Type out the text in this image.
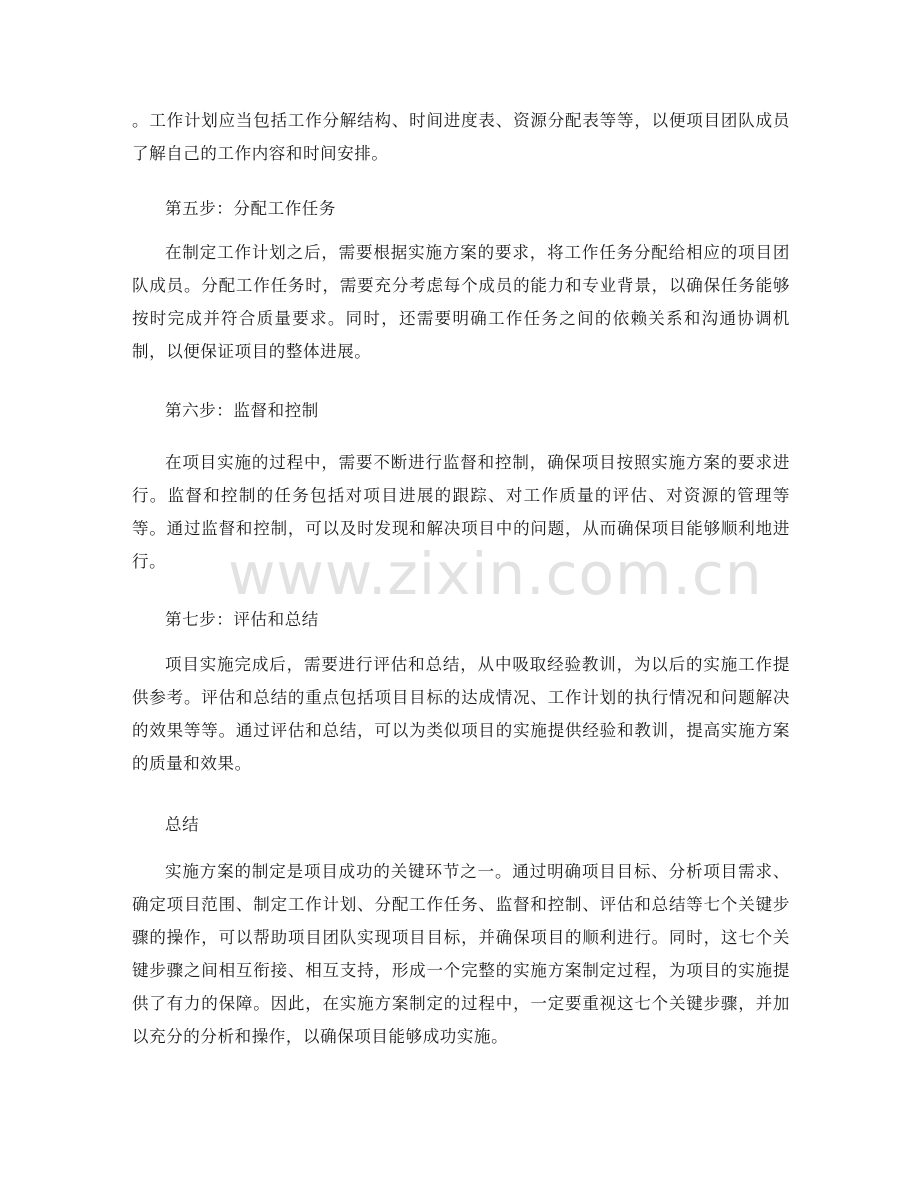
。工作计划应当包括工作分解结构、时间进度表、资源分配表等等，以便项目团队成员了解自己的工作内容和时间安排。

第五步：分配工作任务

在制定工作计划之后，需要根据实施方案的要求，将工作任务分配给相应的项目团队成员。分配工作任务时，需要充分考虑每个成员的能力和专业背景，以确保任务能够按时完成并符合质量要求。同时，还需要明确工作任务之间的依赖关系和沟通协调机制，以便保证项目的整体进展。

第六步：监督和控制

在项目实施的过程中，需要不断进行监督和控制，确保项目按照实施方案的要求进行。监督和控制的任务包括对项目进展的跟踪、对工作质量的评估、对资源的管理等等。通过监督和控制，可以及时发现和解决项目中的问题，从而确保项目能够顺利地进行。

第七步：评估和总结

项目实施完成后，需要进行评估和总结，从中吸取经验教训，为以后的实施工作提供参考。评估和总结的重点包括项目目标的达成情况、工作计划的执行情况和问题解决的效果等等。通过评估和总结，可以为类似项目的实施提供经验和教训，提高实施方案的质量和效果。

总结

实施方案的制定是项目成功的关键环节之一。通过明确项目目标、分析项目需求、确定项目范围、制定工作计划、分配工作任务、监督和控制、评估和总结等七个关键步骤的操作，可以帮助项目团队实现项目目标，并确保项目的顺利进行。同时，这七个关键步骤之间相互衔接、相互支持，形成一个完整的实施方案制定过程，为项目的实施提供了有力的保障。因此，在实施方案制定的过程中，一定要重视这七个关键步骤，并加以充分的分析和操作，以确保项目能够成功实施。

www.zixin.com.cn
